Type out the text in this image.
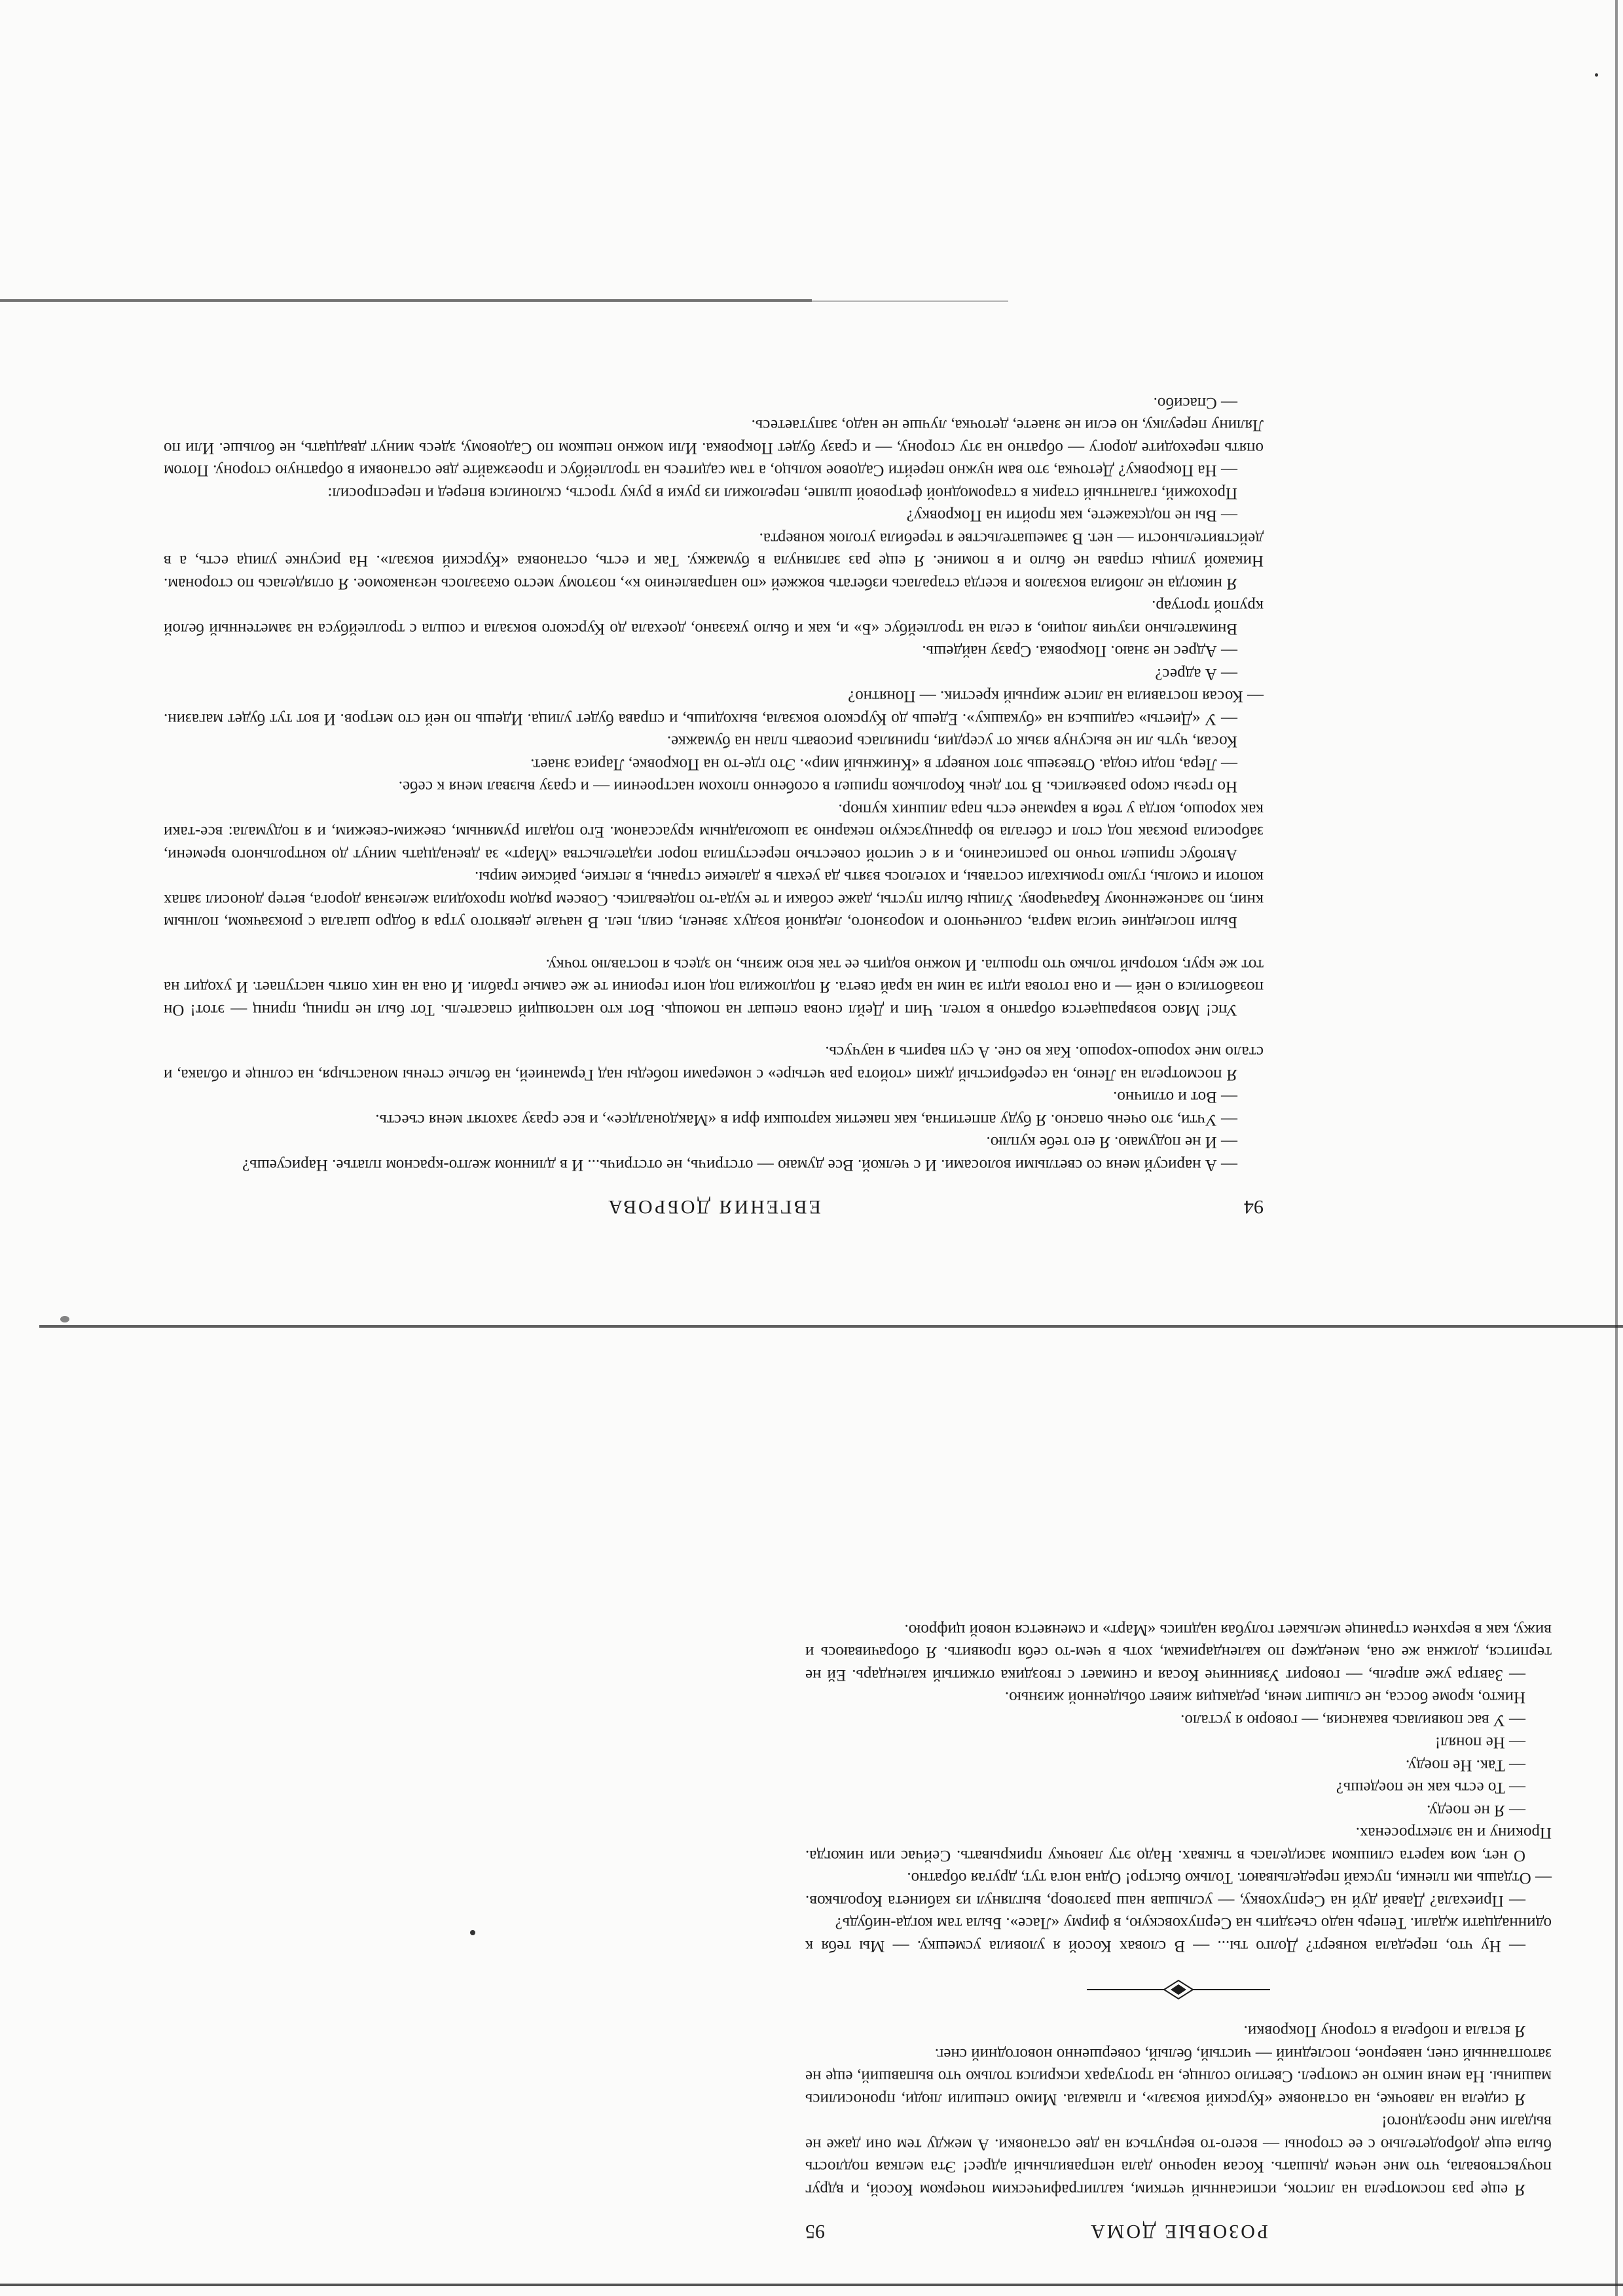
94
ЕВГЕНИЯ ДОБРОВА

— А нарисуй меня со светлыми волосами. И с челкой. Все думаю — отстричь, не отстричь... И в длинном желто-красном платье. Нарисуешь?

— И не подумаю. Я его тебе куплю.

— Учти, это очень опасно. Я буду аппетитна, как пакетик картошки фри в «Макдоналдсе», и все сразу захотят меня съесть.

— Вот и отлично.

Я посмотрела на Леню, на серебристый джип «тойота рав четыре» с номерами победы над Германией, на белые стены монастыря, на солнце и облака, и стало мне хорошо-хорошо. Как во сне. А суп варить я научусь.

Упс! Мясо возвращается обратно в котел. Чип и Дейл снова спешат на помощь. Вот кто настоящий спасатель. Тот был не принц, принц — этот! Он позаботился о ней — и она готова идти за ним на край света. Я подложила под ноги героини те же самые грабли. И она на них опять наступает. И уходит на тот же круг, который только что прошла. И можно водить ее так всю жизнь, но здесь я поставлю точку.

Были последние числа марта, солнечного и морозного, ледяной воздух звенел, сиял, пел. В начале девятого утра я бодро шагала с рюкзачком, полным книг, по заснеженному Карачарову. Улицы были пусты, даже собаки и те куда-то подевались. Совсем рядом проходила железная дорога, ветер доносил запах копоти и смолы, гулко громыхали составы, и хотелось взять да уехать в далекие страны, в легкие, райские миры.

Автобус пришел точно по расписанию, и я с чистой совестью переступила порог издательства «Март» за двенадцать минут до контрольного времени, забросила рюкзак под стол и сбегала во французскую пекарню за шоколадным круассаном. Его подали румяным, свежим-свежим, и я подумала: все-таки как хорошо, когда у тебя в кармане есть пара лишних купюр.

Но грезы скоро развеялись. В тот день Корольков пришел в особенно плохом настроении — и сразу вызвал меня к себе.

— Лера, поди сюда. Отвезешь этот конверт в «Книжный мир». Это где-то на Покровке, Лариса знает.

Косая, чуть ли не высунув язык от усердия, принялась рисовать план на бумажке.

— У «Диеты» садишься на «букашку». Едешь до Курского вокзала, выходишь, и справа будет улица. Идешь по ней сто метров. И вот тут будет магазин. — Косая поставила на листе жирный крестик. — Понятно?

— А адрес?

— Адрес не знаю. Покровка. Сразу найдешь.

Внимательно изучив лоцию, я села на троллейбус «Б» и, как и было указано, доехала до Курского вокзала и сошла с троллейбуса на заметенный белой крупой тротуар.

Я никогда не любила вокзалов и всегда старалась избегать вожжей «по направлению к», поэтому место оказалось незнакомое. Я огляделась по сторонам. Никакой улицы справа не было и в помине. Я еще раз заглянула в бумажку. Так и есть, остановка «Курский вокзал». На рисунке улица есть, а в действительности — нет. В замешательстве я теребила уголок конверта.

— Вы не подскажете, как пройти на Покровку?

Прохожий, галантный старик в старомодной фетровой шляпе, переложил из руки в руку трость, склонился вперед и переспросил:

— На Покровку? Деточка, это вам нужно перейти Садовое кольцо, а там садитесь на троллейбус и проезжайте две остановки в обратную сторону. Потом опять переходите дорогу — обратно на эту сторону, — и сразу будет Покровка. Или можно пешком по Садовому, здесь минут двадцать, не больше. Или по Лялину переулку, но если не знаете, деточка, лучше не надо, запутаетесь.

— Спасибо.

РОЗОВЫЕ ДОМА
95

Я еще раз посмотрела на листок, исписанный четким, каллиграфическим почерком Косой, и вдруг почувствовала, что мне нечем дышать. Косая нарочно дала неправильный адрес! Эта мелкая подлость была еще добродетелью с ее стороны — всего-то вернуться на две остановки. А между тем они даже не выдали мне проездного!

Я сидела на лавочке, на остановке «Курский вокзал», и плакала. Мимо спешили люди, проносились машины. На меня никто не смотрел. Светило солнце, на тротуарах искрился только что выпавший, еще не затоптанный снег, наверное, последний — чистый, белый, совершенно новогодний снег.

Я встала и побрела в сторону Покровки.

— Ну что, передала конверт? Долго ты... — В словах Косой я уловила усмешку. — Мы тебя к одиннадцати ждали. Теперь надо съездить на Серпуховскую, в фирму «Ласе». Была там когда-нибудь?

— Приехала? Давай дуй на Серпуховку, — услышав наш разговор, выглянул из кабинета Корольков. — Отдашь им пленки, пускай переделывают. Только быстро! Одна нога тут, другая обратно.

О нет, моя карета слишком засиделась в тыквах. Надо эту лавочку прикрывать. Сейчас или никогда. Прокину и на электросенах.

— Я не поеду.

— То есть как не поедешь?

— Так. Не поеду.

— Не понял!

— У вас появилась вакансия, — говорю я устало.

Никто, кроме босса, не слышит меня, редакция живет обыденной жизнью.

— Завтра уже апрель, — говорит Узвинниче Косая и снимает с гвоздика отжитый календарь. Ей не терпится, должна же она, менеджер по календарикам, хоть в чем-то себя проявить. Я оборачиваюсь и вижу, как в верхнем странице мелькает голубая надпись «Март» и сменяется новой цифрою.
